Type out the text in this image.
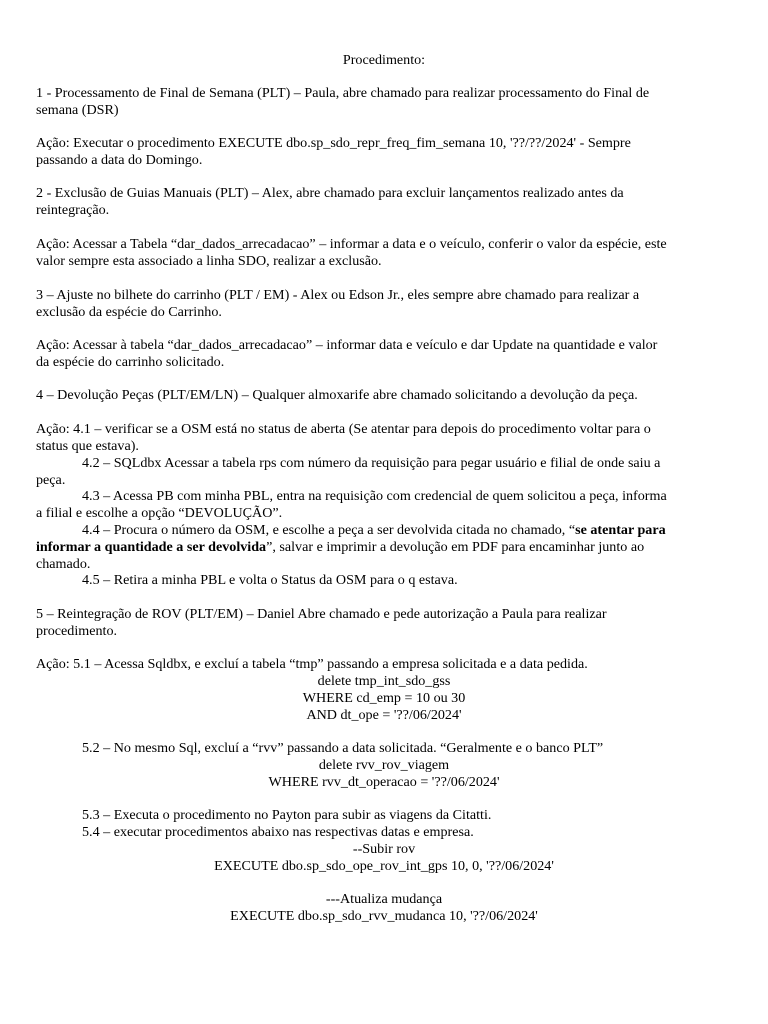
Procedimento:
1 - Processamento de Final de Semana (PLT) – Paula, abre chamado para realizar processamento do Final de
semana (DSR)
Ação: Executar o procedimento EXECUTE dbo.sp_sdo_repr_freq_fim_semana 10, '??/??/2024' - Sempre
passando a data do Domingo.
2 - Exclusão de Guias Manuais (PLT) – Alex, abre chamado para excluir lançamentos realizado antes da
reintegração.
Ação: Acessar a Tabela “dar_dados_arrecadacao” – informar a data e o veículo, conferir o valor da espécie, este
valor sempre esta associado a linha SDO, realizar a exclusão.
3 – Ajuste no bilhete do carrinho (PLT / EM) - Alex ou Edson Jr., eles sempre abre chamado para realizar a
exclusão da espécie do Carrinho.
Ação: Acessar à tabela “dar_dados_arrecadacao” – informar data e veículo e dar Update na quantidade e valor
da espécie do carrinho solicitado.
4 – Devolução Peças (PLT/EM/LN) – Qualquer almoxarife abre chamado solicitando a devolução da peça.
Ação: 4.1 – verificar se a OSM está no status de aberta (Se atentar para depois do procedimento voltar para o
status que estava).
4.2 – SQLdbx Acessar a tabela rps com número da requisição para pegar usuário e filial de onde saiu a
peça.
4.3 – Acessa PB com minha PBL, entra na requisição com credencial de quem solicitou a peça, informa
a filial e escolhe a opção “DEVOLUÇÃO”.
4.4 – Procura o número da OSM, e escolhe a peça a ser devolvida citada no chamado, “se atentar para
informar a quantidade a ser devolvida”, salvar e imprimir a devolução em PDF para encaminhar junto ao
chamado.
4.5 – Retira a minha PBL e volta o Status da OSM para o q estava.
5 – Reintegração de ROV (PLT/EM) – Daniel Abre chamado e pede autorização a Paula para realizar
procedimento.
Ação: 5.1 – Acessa Sqldbx, e excluí a tabela “tmp” passando a empresa solicitada e a data pedida.
delete tmp_int_sdo_gss
WHERE cd_emp = 10 ou 30
AND dt_ope = '??/06/2024'
5.2 – No mesmo Sql, excluí a “rvv” passando a data solicitada. “Geralmente e o banco PLT”
delete rvv_rov_viagem
WHERE rvv_dt_operacao = '??/06/2024'
5.3 – Executa o procedimento no Payton para subir as viagens da Citatti.
5.4 – executar procedimentos abaixo nas respectivas datas e empresa.
--Subir rov
EXECUTE dbo.sp_sdo_ope_rov_int_gps 10, 0, '??/06/2024'
---Atualiza mudança
EXECUTE dbo.sp_sdo_rvv_mudanca 10, '??/06/2024'
